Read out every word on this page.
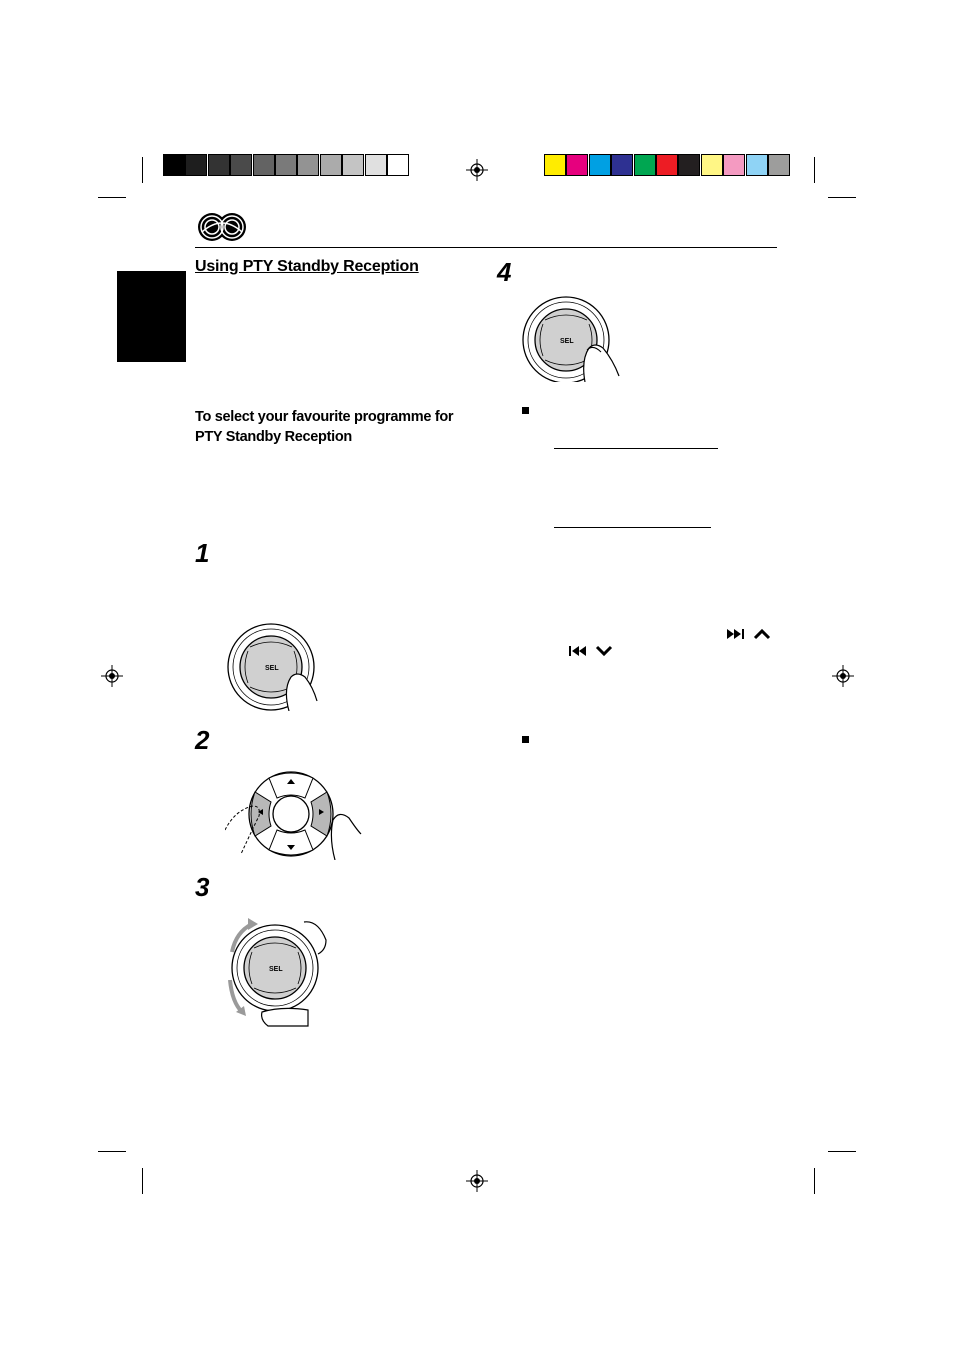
Using PTY Standby Reception
To select your favourite programme for PTY Standby Reception
4
1
2
3
SEL
SEL
SEL
